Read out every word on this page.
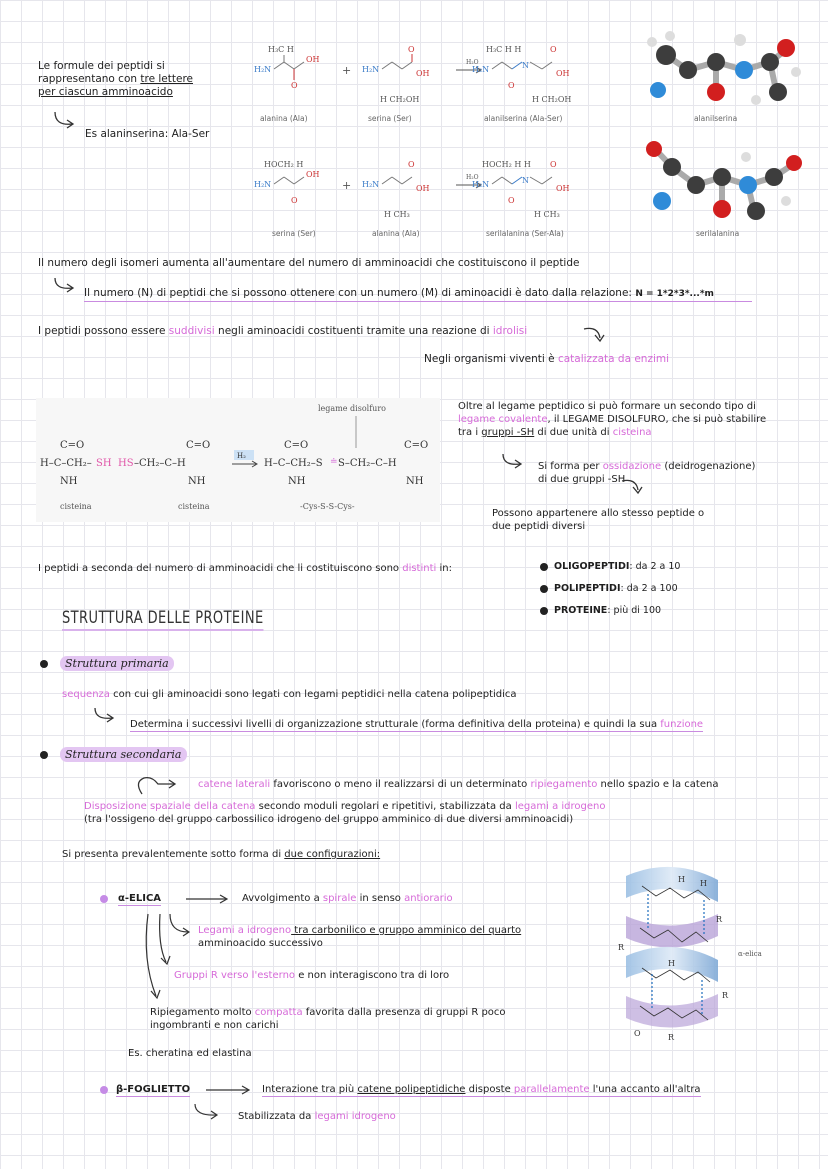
Le formule dei peptidi si
rappresentano con tre lettere
per ciascun amminoacido
Es alaninserina: Ala-Ser
H₃C H
H₂N
OH
O
+ H₂N
O
OH
H CH₂OH
H₂O
H₃C H H
H₂N	N
O
OH
O
H CH₂OH
alanina (Ala)	serina (Ser)	alanilserina (Ala-Ser)	alanilserina
HOCH₂ H
H₂N
OH
O
+ H₂N
O
OH
H CH₃
H₂O
HOCH₂ H H
H₂N	N
O
OH
O
H CH₃
serina (Ser)	alanina (Ala)	serilalanina (Ser-Ala)	serilalanina
Il numero degli isomeri aumenta all'aumentare del numero di amminoacidi che costituiscono il peptide
Il numero (N) di peptidi che si possono ottenere con un numero (M) di aminoacidi è dato dalla relazione: N = 1*2*3*...*m
I peptidi possono essere suddivisi negli aminoacidi costituenti tramite una reazione di idrolisi
Negli organismi viventi è catalizzata da enzimi
legame disolfuro
C=O
H–C–CH₂– SH HS –CH₂–C–H
NH
C=O
NH
C=O
H–C–CH₂–S S–CH₂–C–H
NH
C=O
NH
≐
H₂
cisteina	cisteina	-Cys-S-S-Cys-
Oltre al legame peptidico si può formare un secondo tipo di
legame covalente, il LEGAME DISOLFURO, che si può stabilire
tra i gruppi -SH di due unità di cisteina
Si forma per ossidazione (deidrogenazione)
di due gruppi -SH
Possono appartenere allo stesso peptide o
due peptidi diversi
I peptidi a seconda del numero di amminoacidi che li costituiscono sono distinti in:	OLIGOPEPTIDI: da 2 a 10
POLIPEPTIDI: da 2 a 100
PROTEINE: più di 100
STRUTTURA DELLE PROTEINE
Struttura primaria
sequenza con cui gli aminoacidi sono legati con legami peptidici nella catena polipeptidica
Determina i successivi livelli di organizzazione strutturale (forma definitiva della proteina) e quindi la sua funzione
Struttura secondaria
catene laterali favoriscono o meno il realizzarsi di un determinato ripiegamento nello spazio e la catena
Disposizione spaziale della catena secondo moduli regolari e ripetitivi, stabilizzata da legami a idrogeno
(tra l'ossigeno del gruppo carbossilico idrogeno del gruppo amminico di due diversi amminoacidi)
Si presenta prevalentemente sotto forma di due configurazioni:
α-ELICA	Avvolgimento a spirale in senso antiorario
Legami a idrogeno tra carbonilico e gruppo amminico del quarto
amminoacido successivo
Gruppi R verso l'esterno e non interagiscono tra di loro
Ripiegamento molto compatta favorita dalla presenza di gruppi R poco
ingombranti e non carichi
Es. cheratina ed elastina
H H
R
R
H
R
O	R
α-elica
β-FOGLIETTO	Interazione tra più catene polipeptidiche disposte parallelamente l'una accanto all'altra
Stabilizzata da legami idrogeno
